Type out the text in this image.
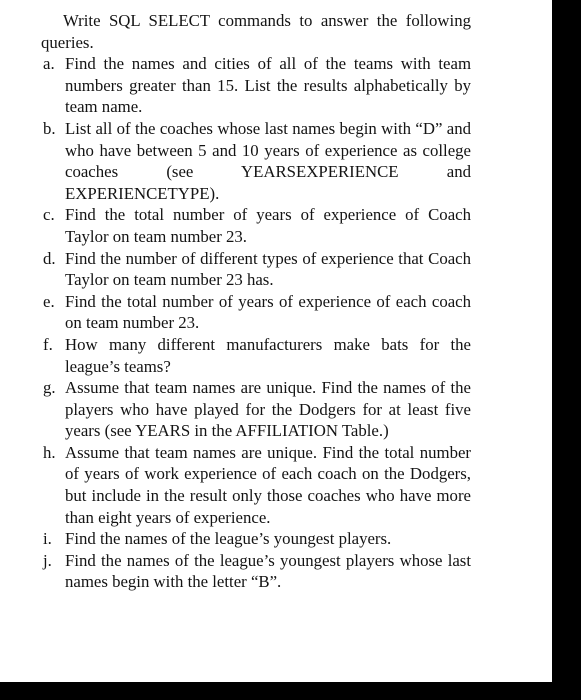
Write SQL SELECT commands to answer the following queries.

a. Find the names and cities of all of the teams with team numbers greater than 15. List the results alphabetically by team name.

b. List all of the coaches whose last names begin with “D” and who have between 5 and 10 years of experience as college coaches (see YEARSEXPERIENCE and EXPERIENCETYPE).

c. Find the total number of years of experience of Coach Taylor on team number 23.

d. Find the number of different types of experience that Coach Taylor on team number 23 has.

e. Find the total number of years of experience of each coach on team number 23.

f. How many different manufacturers make bats for the league’s teams?

g. Assume that team names are unique. Find the names of the players who have played for the Dodgers for at least five years (see YEARS in the AFFILIATION Table.)

h. Assume that team names are unique. Find the total number of years of work experience of each coach on the Dodgers, but include in the result only those coaches who have more than eight years of experience.

i. Find the names of the league’s youngest players.

j. Find the names of the league’s youngest players whose last names begin with the letter “B”.
